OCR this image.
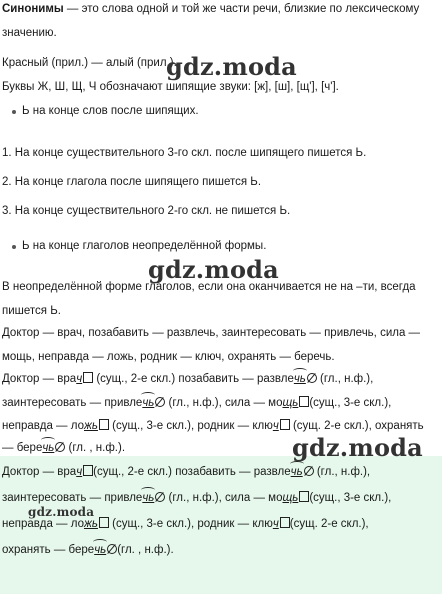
Синонимы — это слова одной и той же части речи, близкие по лексическому
значению.
Красный (прил.) — алый (прил.).
Буквы Ж, Ш, Щ, Ч обозначают шипящие звуки: [ж], [ш], [щ'], [ч'].
Ь на конце слов после шипящих.
1. На конце существительного 3-го скл. после шипящего пишется Ь.
2. На конце глагола после шипящего пишется Ь.
3. На конце существительного 2-го скл. не пишется Ь.
Ь на конце глаголов неопределённой формы.
В неопределённой форме глаголов, если она оканчивается не на –ти, всегда
пишется Ь.
Доктор — врач, позабавить — развлечь, заинтересовать — привлечь, сила —
мощь, неправда — ложь, родник — ключ, охранять — беречь.
Доктор — врач (сущ., 2-е скл.) позабавить — развлечь
(гл., н.ф.),
заинтересовать — привлечь
(гл., н.ф.), сила — мощь (сущ., 3-е скл.),
неправда — ложь (сущ., 3-е скл.), родник — ключ (сущ. 2-е скл.), охранять
— беречь
(гл. , н.ф.).
Доктор — врач (сущ., 2-е скл.) позабавить — развлечь
(гл., н.ф.),
заинтересовать — привлечь
(гл., н.ф.), сила — мощь (сущ., 3-е скл.),
неправда — ложь (сущ., 3-е скл.), родник — ключ (сущ. 2-е скл.),
охранять — беречь (гл. , н.ф.).
gdz.moda
gdz.moda
gdz.moda
gdz.moda
